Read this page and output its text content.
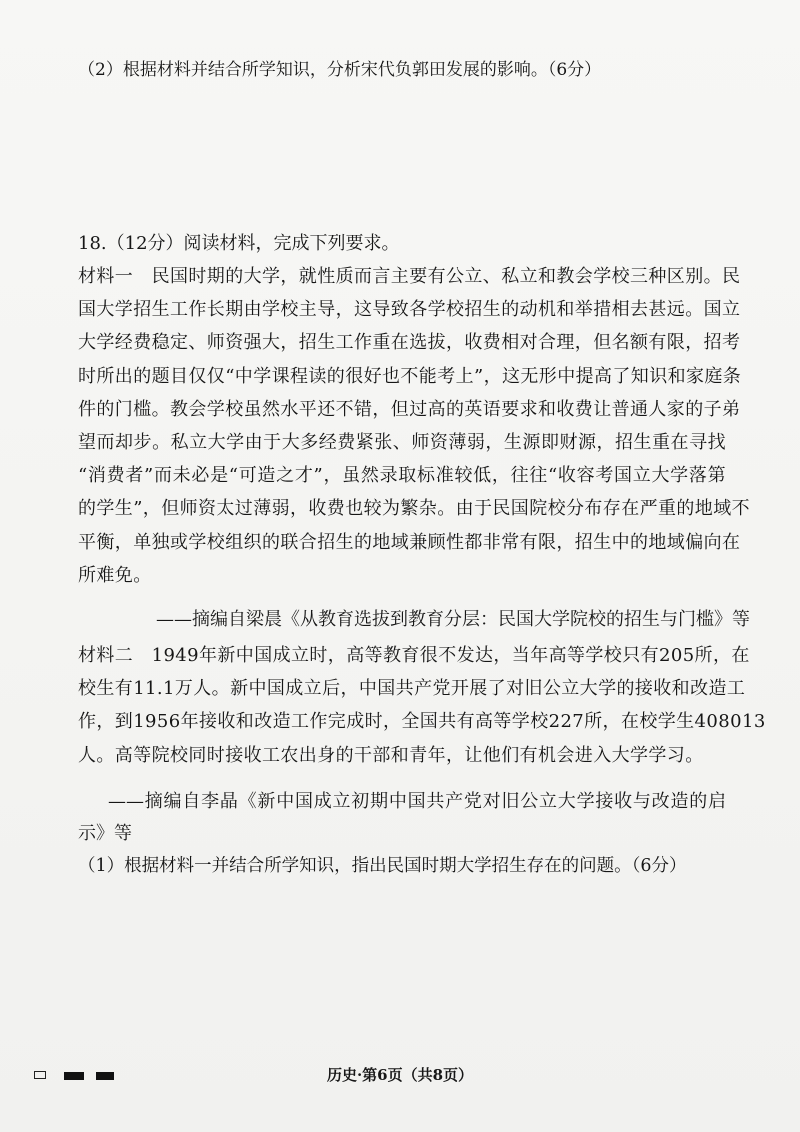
（2）根据材料并结合所学知识，分析宋代负郭田发展的影响。（6分）
18.（12分）阅读材料，完成下列要求。

材料一　民国时期的大学，就性质而言主要有公立、私立和教会学校三种区别。民

国大学招生工作长期由学校主导，这导致各学校招生的动机和举措相去甚远。国立

大学经费稳定、师资强大，招生工作重在选拔，收费相对合理，但名额有限，招考

时所出的题目仅仅“中学课程读的很好也不能考上”，这无形中提高了知识和家庭条

件的门槛。教会学校虽然水平还不错，但过高的英语要求和收费让普通人家的子弟

望而却步。私立大学由于大多经费紧张、师资薄弱，生源即财源，招生重在寻找

“消费者”而未必是“可造之才”，虽然录取标准较低，往往“收容考国立大学落第

的学生”，但师资太过薄弱，收费也较为繁杂。由于民国院校分布存在严重的地域不

平衡，单独或学校组织的联合招生的地域兼顾性都非常有限，招生中的地域偏向在

所难免。

——摘编自梁晨《从教育选拔到教育分层：民国大学院校的招生与门槛》等

材料二　1949年新中国成立时，高等教育很不发达，当年高等学校只有205所，在

校生有11.1万人。新中国成立后，中国共产党开展了对旧公立大学的接收和改造工

作，到1956年接收和改造工作完成时，全国共有高等学校227所，在校学生408013

人。高等院校同时接收工农出身的干部和青年，让他们有机会进入大学学习。

——摘编自李晶《新中国成立初期中国共产党对旧公立大学接收与改造的启
示》等
（1）根据材料一并结合所学知识，指出民国时期大学招生存在的问题。（6分）
历史·第6页（共8页）
